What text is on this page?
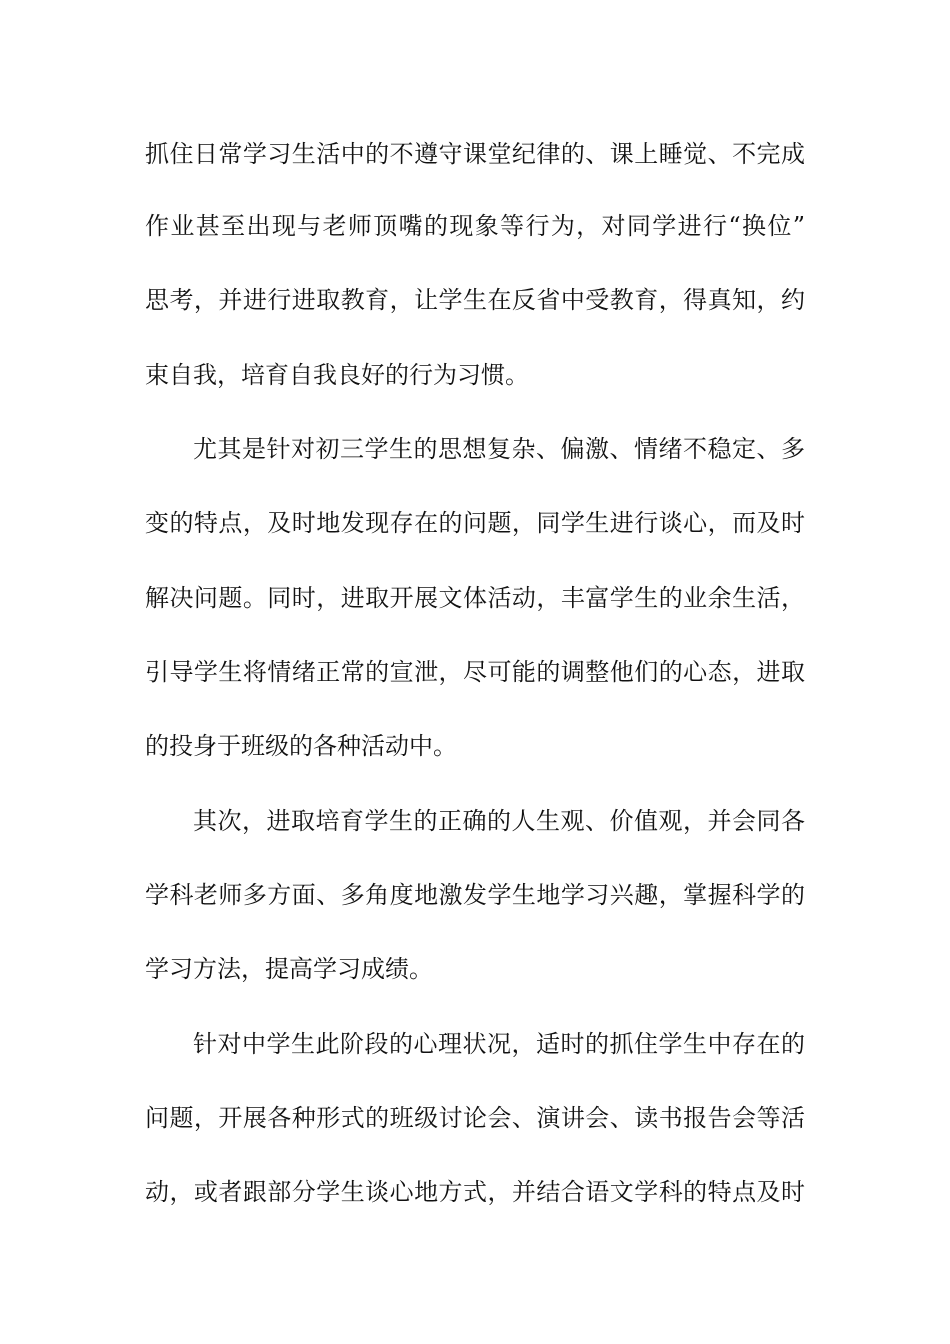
抓住日常学习生活中的不遵守课堂纪律的、课上睡觉、不完成
作业甚至出现与老师顶嘴的现象等行为，对同学进行“换位”
思考，并进行进取教育，让学生在反省中受教育，得真知，约
束自我，培育自我良好的行为习惯。
尤其是针对初三学生的思想复杂、偏激、情绪不稳定、多
变的特点，及时地发现存在的问题，同学生进行谈心，而及时
解决问题。同时，进取开展文体活动，丰富学生的业余生活，
引导学生将情绪正常的宣泄，尽可能的调整他们的心态，进取
的投身于班级的各种活动中。
其次，进取培育学生的正确的人生观、价值观，并会同各
学科老师多方面、多角度地激发学生地学习兴趣，掌握科学的
学习方法，提高学习成绩。
针对中学生此阶段的心理状况，适时的抓住学生中存在的
问题，开展各种形式的班级讨论会、演讲会、读书报告会等活
动，或者跟部分学生谈心地方式，并结合语文学科的特点及时
